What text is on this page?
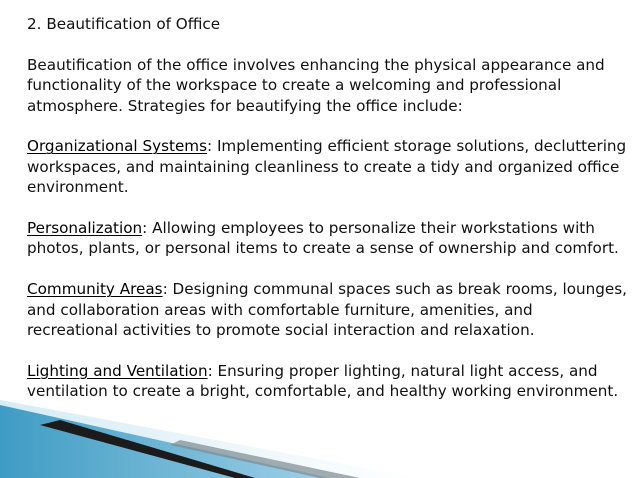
2. Beautification of Office

Beautification of the office involves enhancing the physical appearance and functionality of the workspace to create a welcoming and professional atmosphere. Strategies for beautifying the office include:

Organizational Systems: Implementing efficient storage solutions, decluttering workspaces, and maintaining cleanliness to create a tidy and organized office environment.

Personalization: Allowing employees to personalize their workstations with photos, plants, or personal items to create a sense of ownership and comfort.

Community Areas: Designing communal spaces such as break rooms, lounges, and collaboration areas with comfortable furniture, amenities, and recreational activities to promote social interaction and relaxation.

Lighting and Ventilation: Ensuring proper lighting, natural light access, and ventilation to create a bright, comfortable, and healthy working environment.
